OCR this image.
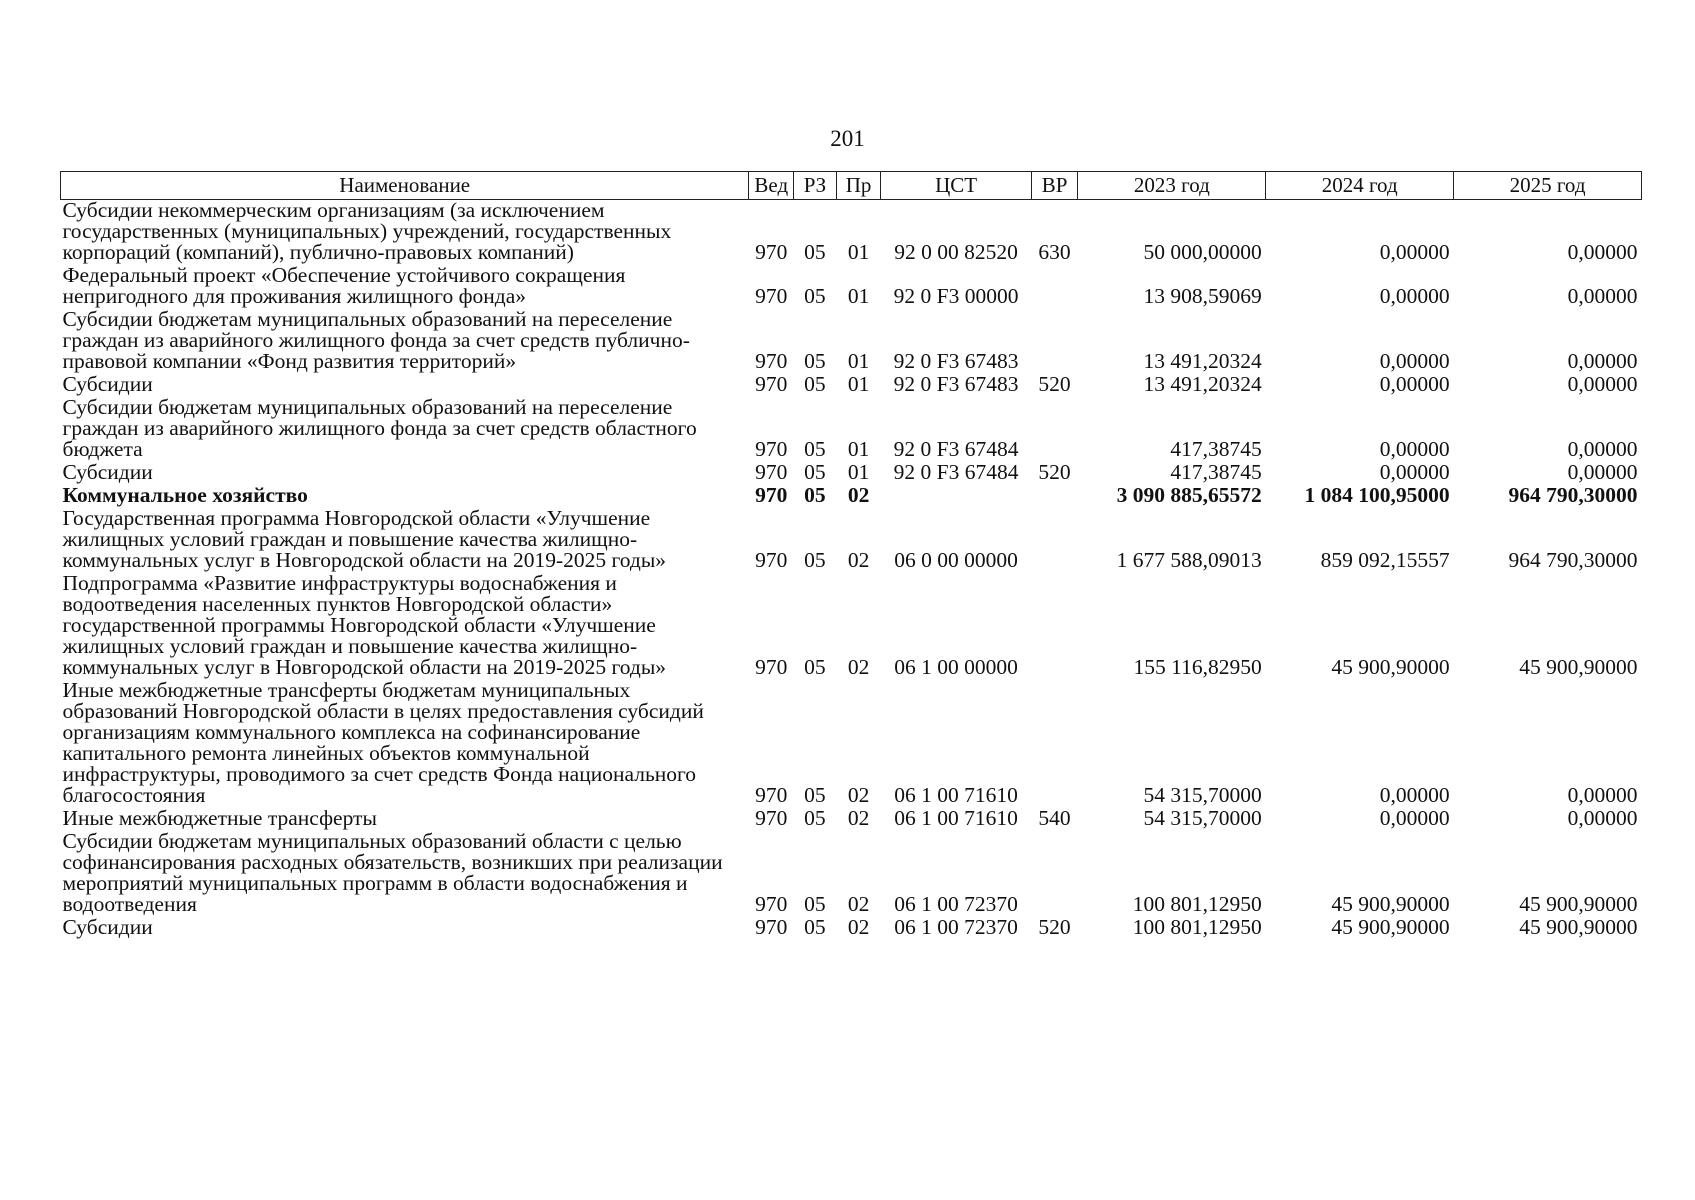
201
Наименование	Вед	РЗ	Пр	ЦСТ	ВР	2023 год	2024 год	2025 год
Субсидии некоммерческим организациям (за исключением государственных (муниципальных) учреждений, государственных корпораций (компаний), публично-правовых компаний)	970	05	01	92 0 00 82520	630	50 000,00000	0,00000	0,00000
Федеральный проект «Обеспечение устойчивого сокращения непригодного для проживания жилищного фонда»	970	05	01	92 0 F3 00000		13 908,59069	0,00000	0,00000
Субсидии бюджетам муниципальных образований на переселение граждан из аварийного жилищного фонда за счет средств публично-правовой компании «Фонд развития территорий»	970	05	01	92 0 F3 67483		13 491,20324	0,00000	0,00000
Субсидии	970	05	01	92 0 F3 67483	520	13 491,20324	0,00000	0,00000
Субсидии бюджетам муниципальных образований на переселение граждан из аварийного жилищного фонда за счет средств областного бюджета	970	05	01	92 0 F3 67484		417,38745	0,00000	0,00000
Субсидии	970	05	01	92 0 F3 67484	520	417,38745	0,00000	0,00000
Коммунальное хозяйство	970	05	02			3 090 885,65572	1 084 100,95000	964 790,30000
Государственная программа Новгородской области «Улучшение жилищных условий граждан и повышение качества жилищно-коммунальных услуг в Новгородской области на 2019-2025 годы»	970	05	02	06 0 00 00000		1 677 588,09013	859 092,15557	964 790,30000
Подпрограмма «Развитие инфраструктуры водоснабжения и водоотведения населенных пунктов Новгородской области» государственной программы Новгородской области «Улучшение жилищных условий граждан и повышение качества жилищно-коммунальных услуг в Новгородской области на 2019-2025 годы»	970	05	02	06 1 00 00000		155 116,82950	45 900,90000	45 900,90000
Иные межбюджетные трансферты бюджетам муниципальных образований Новгородской области в целях предоставления субсидий организациям коммунального комплекса на софинансирование капитального ремонта линейных объектов коммунальной инфраструктуры, проводимого за счет средств Фонда национального благосостояния	970	05	02	06 1 00 71610		54 315,70000	0,00000	0,00000
Иные межбюджетные трансферты	970	05	02	06 1 00 71610	540	54 315,70000	0,00000	0,00000
Субсидии бюджетам муниципальных образований области с целью софинансирования расходных обязательств, возникших при реализации мероприятий муниципальных программ в области водоснабжения и водоотведения	970	05	02	06 1 00 72370		100 801,12950	45 900,90000	45 900,90000
Субсидии	970	05	02	06 1 00 72370	520	100 801,12950	45 900,90000	45 900,90000
